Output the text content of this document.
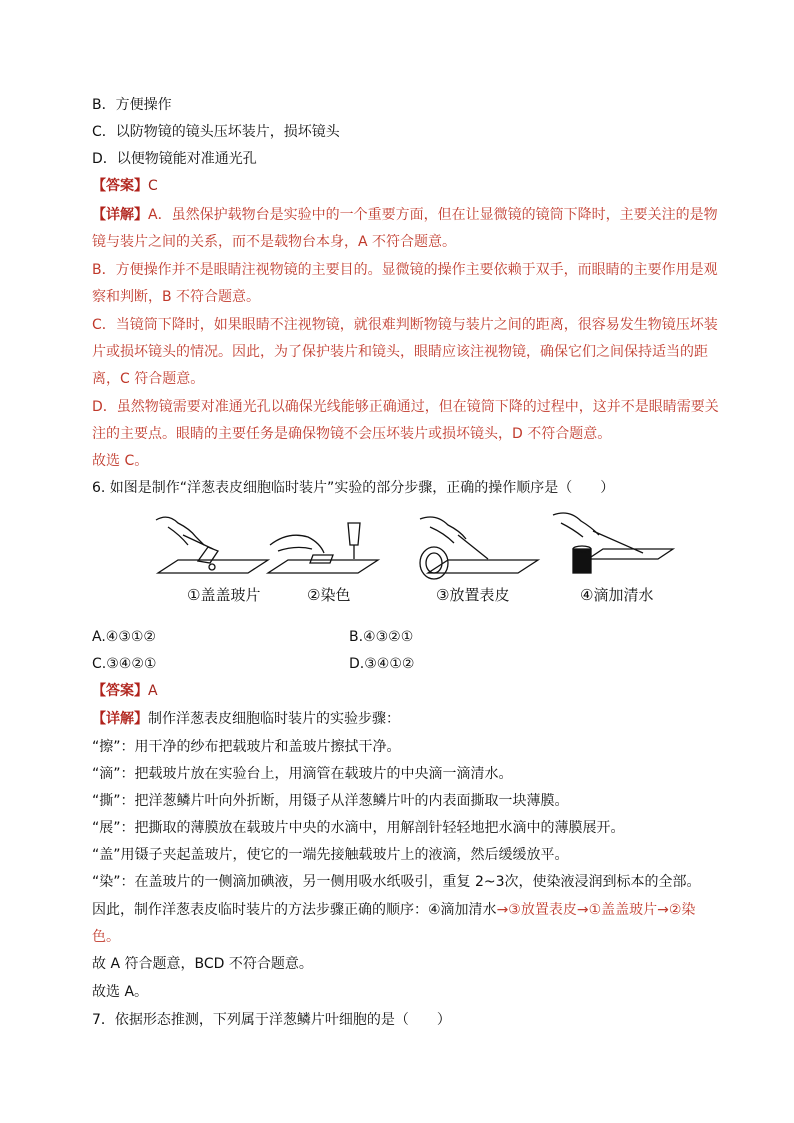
B．方便操作
C．以防物镜的镜头压坏装片，损坏镜头
D．以便物镜能对准通光孔
【答案】C
【详解】A．虽然保护载物台是实验中的一个重要方面，但在让显微镜的镜筒下降时，主要关注的是物
镜与装片之间的关系，而不是载物台本身，A 不符合题意。
B．方便操作并不是眼睛注视物镜的主要目的。显微镜的操作主要依赖于双手，而眼睛的主要作用是观
察和判断，B 不符合题意。
C．当镜筒下降时，如果眼睛不注视物镜，就很难判断物镜与装片之间的距离，很容易发生物镜压坏装
片或损坏镜头的情况。因此，为了保护装片和镜头，眼睛应该注视物镜，确保它们之间保持适当的距
离，C 符合题意。
D．虽然物镜需要对准通光孔以确保光线能够正确通过，但在镜筒下降的过程中，这并不是眼睛需要关
注的主要点。眼睛的主要任务是确保物镜不会压坏装片或损坏镜头，D 不符合题意。
故选 C。
6. 如图是制作“洋葱表皮细胞临时装片”实验的部分步骤，正确的操作顺序是（　　）
①盖盖玻片	②染色	③放置表皮	④滴加清水
A.④③①②	B.④③②①
C.③④②①	D.③④①②
【答案】A
【详解】制作洋葱表皮细胞临时装片的实验步骤：
“擦”：用干净的纱布把载玻片和盖玻片擦拭干净。
“滴”：把载玻片放在实验台上，用滴管在载玻片的中央滴一滴清水。
“撕”：把洋葱鳞片叶向外折断，用镊子从洋葱鳞片叶的内表面撕取一块薄膜。
“展”：把撕取的薄膜放在载玻片中央的水滴中，用解剖针轻轻地把水滴中的薄膜展开。
“盖”用镊子夹起盖玻片，使它的一端先接触载玻片上的液滴，然后缓缓放平。
“染”：在盖玻片的一侧滴加碘液，另一侧用吸水纸吸引，重复 2~3次，使染液浸润到标本的全部。
因此，制作洋葱表皮临时装片的方法步骤正确的顺序：④滴加清水→③放置表皮→①盖盖玻片→②染
色。
故 A 符合题意，BCD 不符合题意。
故选 A。
7．依据形态推测，下列属于洋葱鳞片叶细胞的是（　　）
